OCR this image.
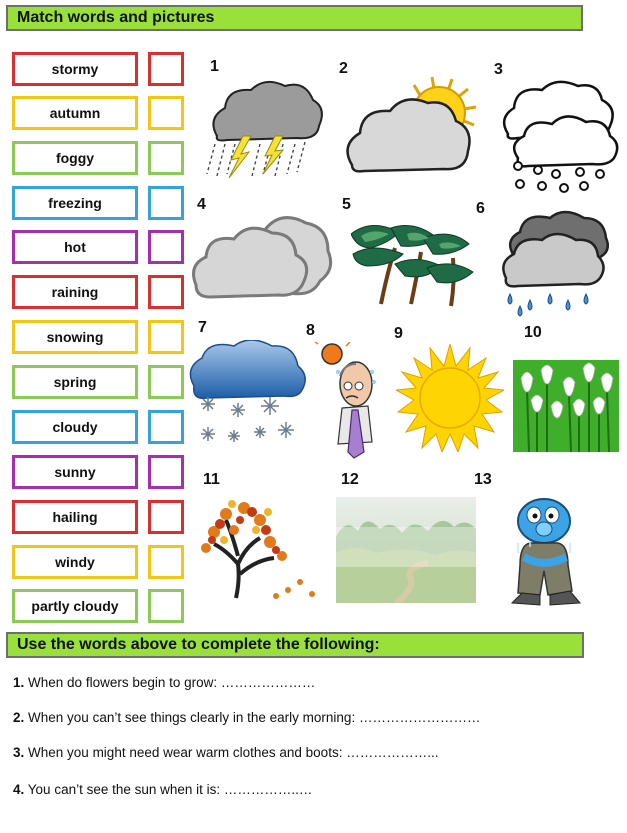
Match words and pictures
stormy
autumn
foggy
freezing
hot
raining
snowing
spring
cloudy
sunny
hailing
windy
partly cloudy
1	2	3
4	5	6
7	8	9	10
11	12	13
Use the words above to complete the following:
1. When do flowers begin to grow: …………………
2. When you can’t see things clearly in the early morning: ………………………
3. When you might need wear warm clothes and boots: ………………...
4. You can’t see the sun when it is: ……………..…
